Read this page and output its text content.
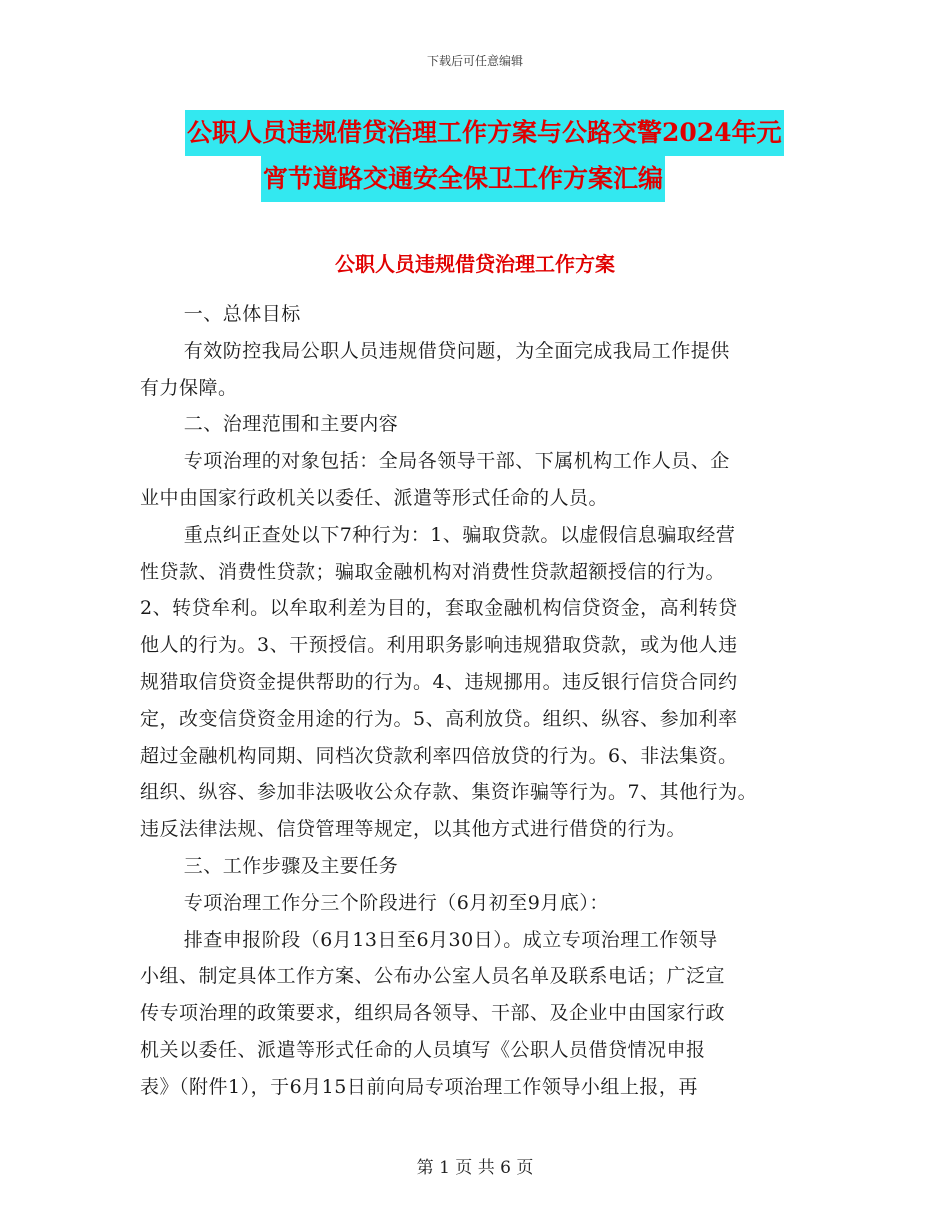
下载后可任意编辑
公职人员违规借贷治理工作方案与公路交警2024年元
宵节道路交通安全保卫工作方案汇编
公职人员违规借贷治理工作方案

一、总体目标

有效防控我局公职人员违规借贷问题，为全面完成我局工作提供
有力保障。

二、治理范围和主要内容

专项治理的对象包括：全局各领导干部、下属机构工作人员、企
业中由国家行政机关以委任、派遣等形式任命的人员。

重点纠正查处以下7种行为：1、骗取贷款。以虚假信息骗取经营
性贷款、消费性贷款；骗取金融机构对消费性贷款超额授信的行为。
2、转贷牟利。以牟取利差为目的，套取金融机构信贷资金，高利转贷
他人的行为。3、干预授信。利用职务影响违规猎取贷款，或为他人违
规猎取信贷资金提供帮助的行为。4、违规挪用。违反银行信贷合同约
定，改变信贷资金用途的行为。5、高利放贷。组织、纵容、参加利率
超过金融机构同期、同档次贷款利率四倍放贷的行为。6、非法集资。
组织、纵容、参加非法吸收公众存款、集资诈骗等行为。7、其他行为。
违反法律法规、信贷管理等规定，以其他方式进行借贷的行为。

三、工作步骤及主要任务

专项治理工作分三个阶段进行（6月初至9月底）：

排查申报阶段（6月13日至6月30日）。成立专项治理工作领导
小组、制定具体工作方案、公布办公室人员名单及联系电话；广泛宣
传专项治理的政策要求，组织局各领导、干部、及企业中由国家行政
机关以委任、派遣等形式任命的人员填写《公职人员借贷情况申报
表》（附件1），于6月15日前向局专项治理工作领导小组上报，再

第 1 页 共 6 页
